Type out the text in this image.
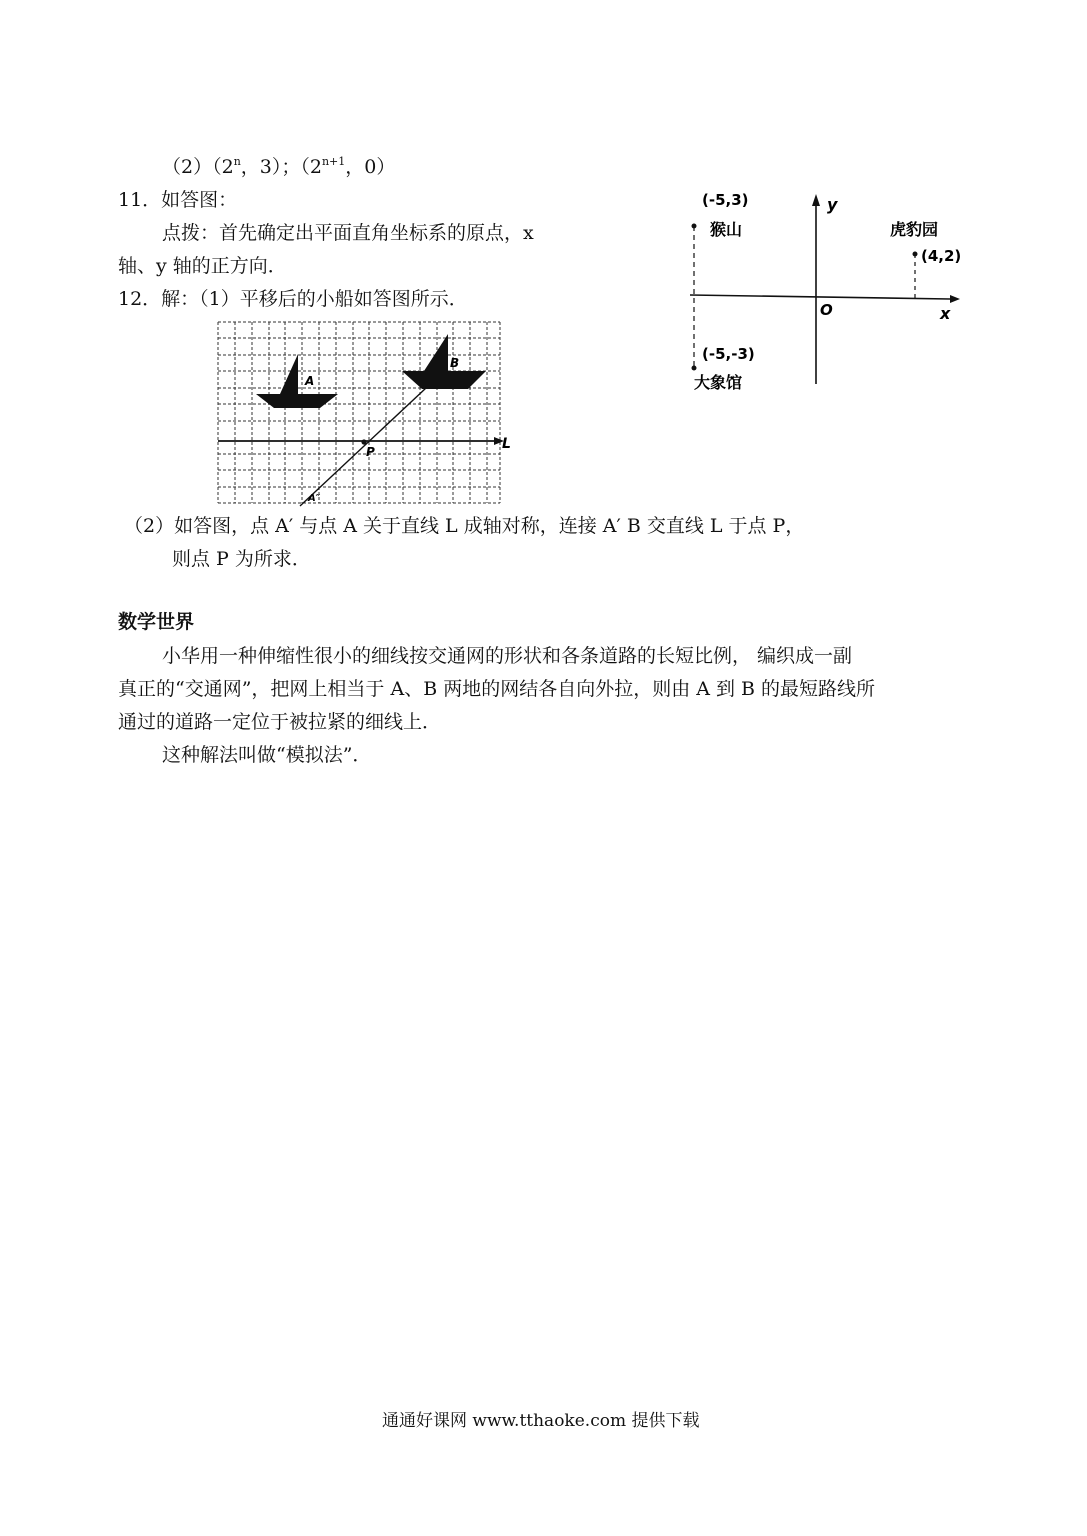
（2）（2$^n$，3）；（$2^{n+1}$，0）
11．如答图：
点拨：首先确定出平面直角坐标系的原点，x
轴、y 轴的正方向．
12．解：（1）平移后的小船如答图所示．
(-5,3)
猴山
y
虎豹园
(4,2)
O	x
(-5,-3)
大象馆
L
A
B
P
A″
（2）如答图，点 A′ 与点 A 关于直线 L 成轴对称，连接 A′ B 交直线 L 于点 P，
则点 P 为所求．
数学世界
小华用一种伸缩性很小的细线按交通网的形状和各条道路的长短比例， 编织成一副
真正的“交通网”，把网上相当于 A、B 两地的网结各自向外拉，则由 A 到 B 的最短路线所
通过的道路一定位于被拉紧的细线上．
这种解法叫做“模拟法”．
通通好课网 www.tthaoke.com 提供下载
